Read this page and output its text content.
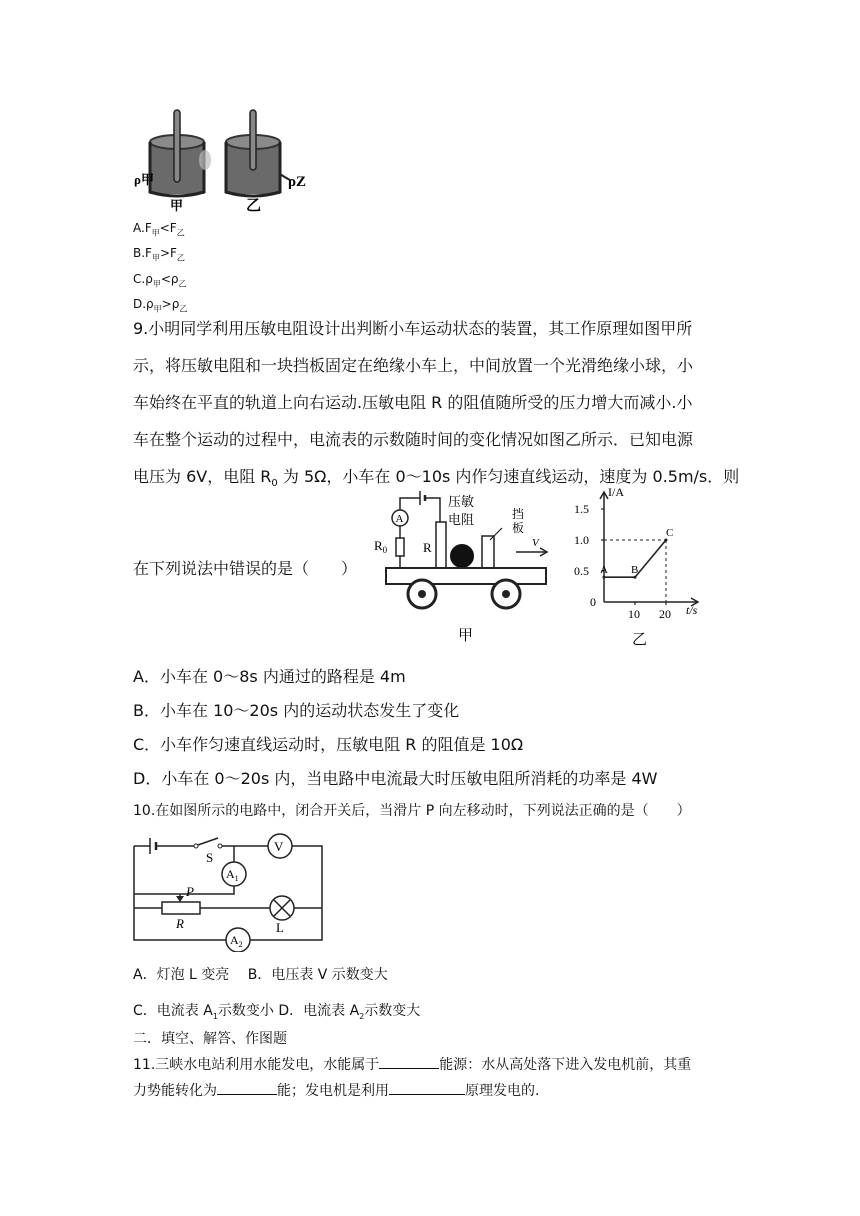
ρ甲	ρZ
甲	乙
$A.F_甲<F_乙$
$B.F_甲>F_乙$
$C.\rho_甲<\rho_乙$
$D.\rho_甲>\rho_乙$
9.小明同学利用压敏电阻设计出判断小车运动状态的装置，其工作原理如图甲所
示，将压敏电阻和一块挡板固定在绝缘小车上，中间放置一个光滑绝缘小球，小
车始终在平直的轨道上向右运动.压敏电阻 R 的阻值随所受的压力增大而减小.小
车在整个运动的过程中，电流表的示数随时间的变化情况如图乙所示．已知电源
电压为 6V，电阻 $R_0$ 为 5Ω，小车在 0～10s 内作匀速直线运动，速度为 0.5m/s．则
在下列说法中错误的是（　　）
A
$R_0$	R
压敏
电阻	挡
板
V
甲
I/A
t/s
0.5
1.0
1.5
0
10 20
A B
C
乙
A．小车在 0～8s 内通过的路程是 4m
B．小车在 10～20s 内的运动状态发生了变化
C．小车作匀速直线运动时，压敏电阻 R 的阻值是 10Ω
D．小车在 0～20s 内，当电路中电流最大时压敏电阻所消耗的功率是 4W
10.在如图所示的电路中，闭合开关后，当滑片 P 向左移动时，下列说法正确的是（　　）
S
V
$A_2$
$A_1$
P
R	L
A．灯泡 L 变亮　 B．电压表 V 示数变大
C．电流表 $A_1$示数变小 D．电流表 $A_2$示数变大
二．填空、解答、作图题
11.三峡水电站利用水能发电，水能属于	能源：水从高处落下进入发电机前，其重
力势能转化为	能；发电机是利用	原理发电的.
